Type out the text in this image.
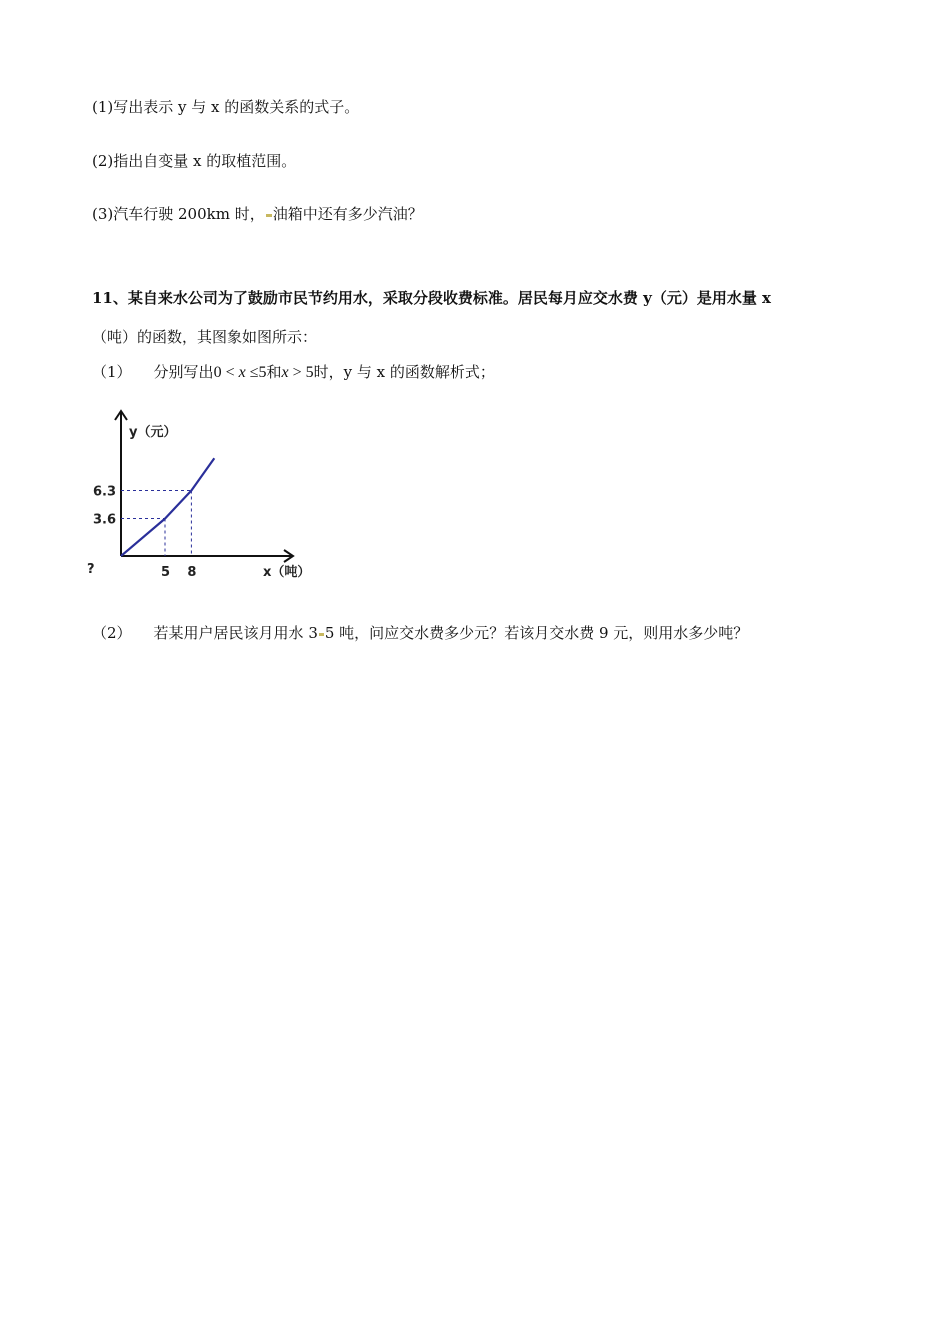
(1)写出表示 y 与 x 的函数关系的式子。
(2)指出自变量 x 的取植范围。
(3)汽车行驶 200km 时， 油箱中还有多少汽油？
11、某自来水公司为了鼓励市民节约用水，采取分段收费标准。居民每月应交水费 y（元）是用水量 x
（吨）的函数，其图象如图所示：
（1） 分别写出0 < x ≤5和x > 5时，y 与 x 的函数解析式；
y（元）
x（吨）
3.6
6.3
5 8
?
（2） 若某用户居民该月用水 3 5 吨，问应交水费多少元？若该月交水费 9 元，则用水多少吨？
